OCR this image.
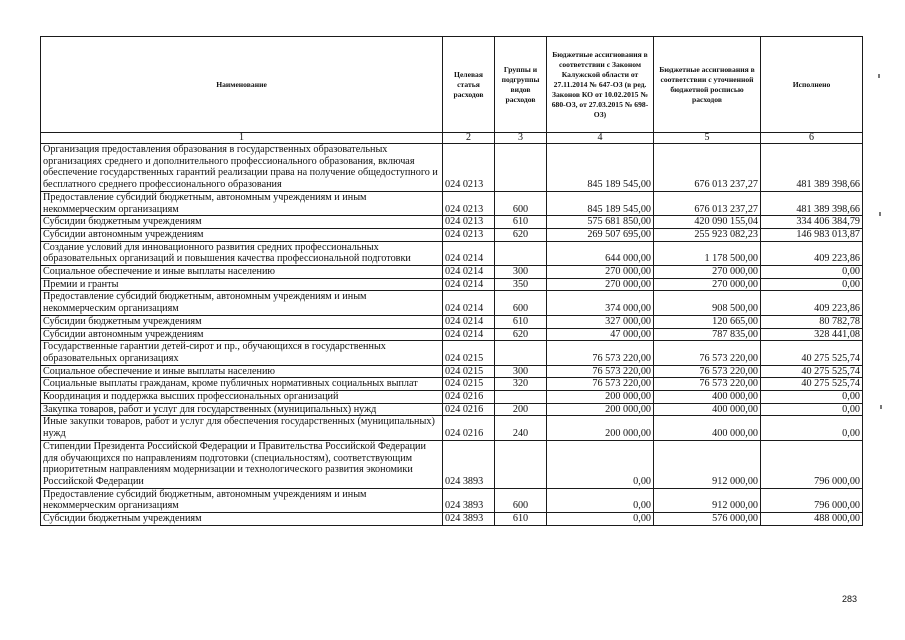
Наименование	Целевая статья расходов	Группы и подгруппы видов расходов	Бюджетные ассигнования в соответствии с Законом Калужской области от 27.11.2014 № 647-ОЗ (в ред. Законов КО от 10.02.2015 № 680-ОЗ, от 27.03.2015 № 698-ОЗ)	Бюджетные ассигнования в соответствии с уточненной бюджетной росписью расходов	Исполнено
1	2	3	4	5	6
Организация предоставления образования в государственных образовательных организациях среднего и дополнительного профессионального образования, включая обеспечение государственных гарантий реализации права на получение общедоступного и бесплатного среднего профессионального образования	024 0213		845 189 545,00	676 013 237,27	481 389 398,66
Предоставление субсидий бюджетным, автономным учреждениям и иным некоммерческим организациям	024 0213	600	845 189 545,00	676 013 237,27	481 389 398,66
Субсидии бюджетным учреждениям	024 0213	610	575 681 850,00	420 090 155,04	334 406 384,79
Субсидии автономным учреждениям	024 0213	620	269 507 695,00	255 923 082,23	146 983 013,87
Создание условий для инновационного развития средних профессиональных образовательных организаций и повышения качества профессиональной подготовки	024 0214		644 000,00	1 178 500,00	409 223,86
Социальное обеспечение и иные выплаты населению	024 0214	300	270 000,00	270 000,00	0,00
Премии и гранты	024 0214	350	270 000,00	270 000,00	0,00
Предоставление субсидий бюджетным, автономным учреждениям и иным некоммерческим организациям	024 0214	600	374 000,00	908 500,00	409 223,86
Субсидии бюджетным учреждениям	024 0214	610	327 000,00	120 665,00	80 782,78
Субсидии автономным учреждениям	024 0214	620	47 000,00	787 835,00	328 441,08
Государственные гарантии детей-сирот и пр., обучающихся в государственных образовательных организациях	024 0215		76 573 220,00	76 573 220,00	40 275 525,74
Социальное обеспечение и иные выплаты населению	024 0215	300	76 573 220,00	76 573 220,00	40 275 525,74
Социальные выплаты гражданам, кроме публичных нормативных социальных выплат	024 0215	320	76 573 220,00	76 573 220,00	40 275 525,74
Координация и поддержка высших профессиональных организаций	024 0216		200 000,00	400 000,00	0,00
Закупка товаров, работ и услуг для государственных (муниципальных) нужд	024 0216	200	200 000,00	400 000,00	0,00
Иные закупки товаров, работ и услуг для обеспечения государственных (муниципальных) нужд	024 0216	240	200 000,00	400 000,00	0,00
Стипендии Президента Российской Федерации и Правительства Российской Федерации для обучающихся по направлениям подготовки (специальностям), соответствующим приоритетным направлениям модернизации и технологического развития экономики Российской Федерации	024 3893		0,00	912 000,00	796 000,00
Предоставление субсидий бюджетным, автономным учреждениям и иным некоммерческим организациям	024 3893	600	0,00	912 000,00	796 000,00
Субсидии бюджетным учреждениям	024 3893	610	0,00	576 000,00	488 000,00
283
